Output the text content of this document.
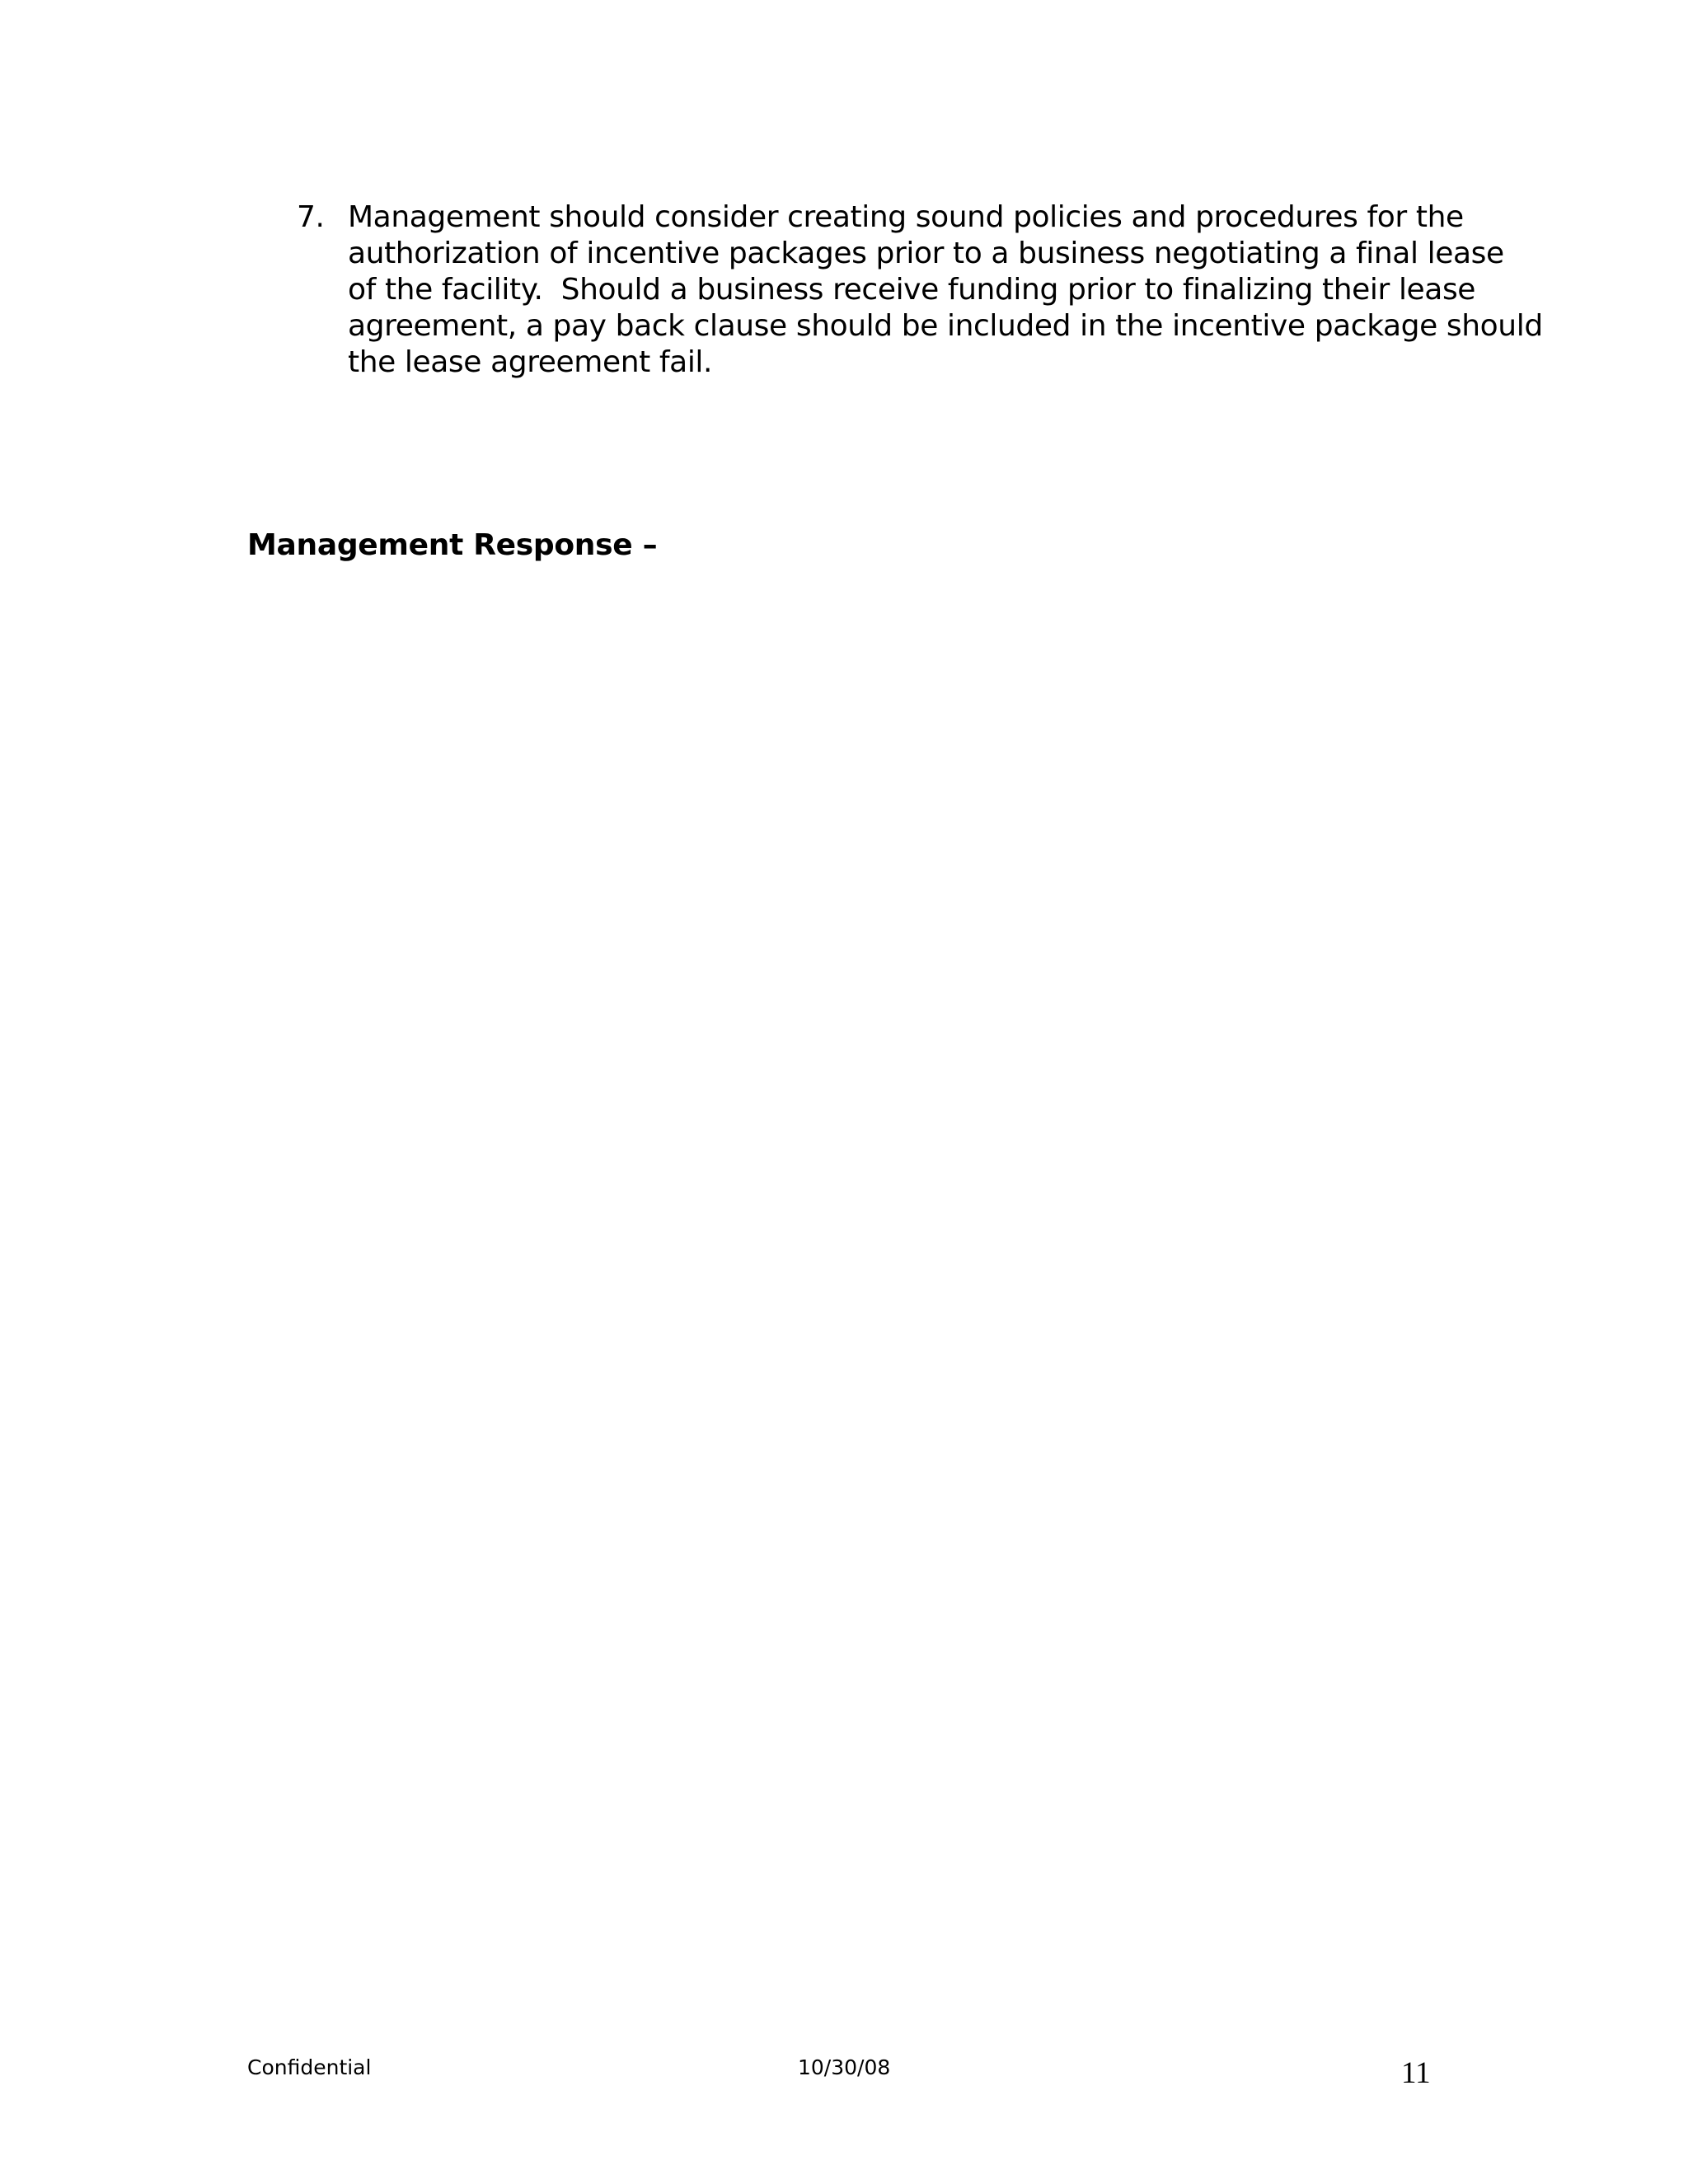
7. Management should consider creating sound policies and procedures for the
authorization of incentive packages prior to a business negotiating a final lease
of the facility.  Should a business receive funding prior to finalizing their lease
agreement, a pay back clause should be included in the incentive package should
the lease agreement fail.
Management Response –
Confidential	10/30/08	11
